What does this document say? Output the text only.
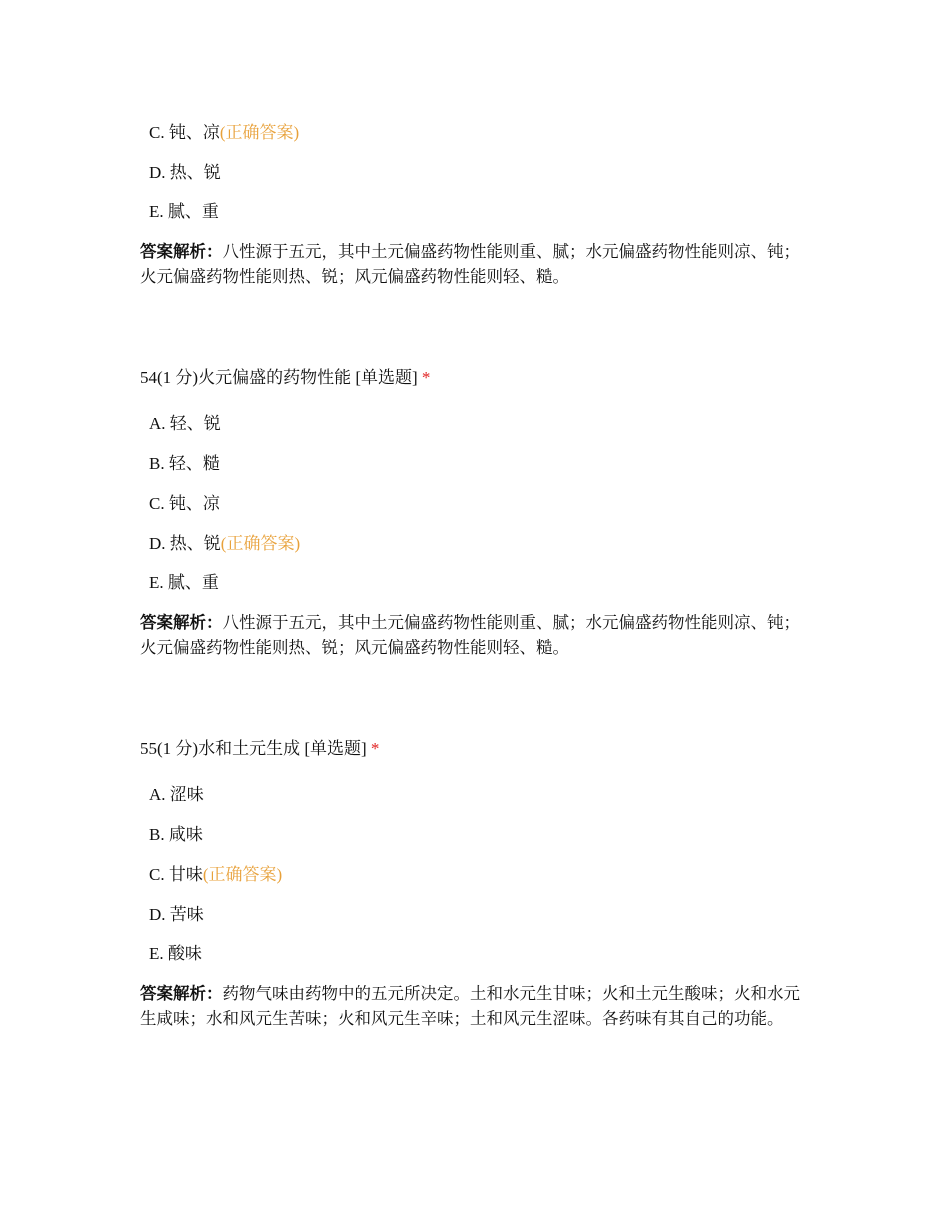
C. 钝、凉(正确答案)
D. 热、锐
E. 腻、重
答案解析：八性源于五元，其中土元偏盛药物性能则重、腻；水元偏盛药物性能则凉、钝；火元偏盛药物性能则热、锐；风元偏盛药物性能则轻、糙。
54(1 分)火元偏盛的药物性能 [单选题] *
A. 轻、锐
B. 轻、糙
C. 钝、凉
D. 热、锐(正确答案)
E. 腻、重
答案解析：八性源于五元，其中土元偏盛药物性能则重、腻；水元偏盛药物性能则凉、钝；火元偏盛药物性能则热、锐；风元偏盛药物性能则轻、糙。
55(1 分)水和土元生成 [单选题] *
A. 涩味
B. 咸味
C. 甘味(正确答案)
D. 苦味
E. 酸味
答案解析：药物气味由药物中的五元所决定。土和水元生甘味；火和土元生酸味；火和水元生咸味；水和风元生苦味；火和风元生辛味；土和风元生涩味。各药味有其自己的功能。
